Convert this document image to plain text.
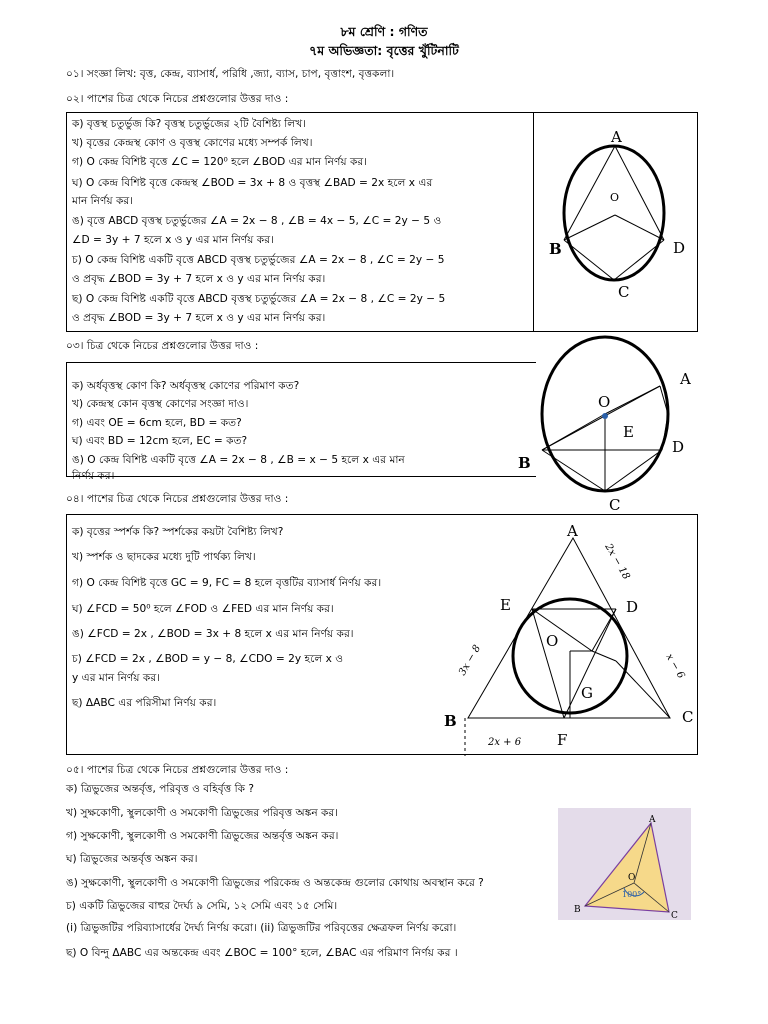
৮ম শ্রেণি : গণিত
৭ম অভিজ্ঞতা: বৃত্তের খুঁটিনাটি
০১। সংজ্ঞা লিখ: বৃত্ত, কেন্দ্র, ব্যাসার্ধ, পরিধি ,জ্যা, ব্যাস, চাপ, বৃত্তাংশ, বৃত্তকলা।
০২। পাশের চিত্র থেকে নিচের প্রশ্নগুলোর উত্তর দাও :
ক) বৃত্তস্থ চতুর্ভুজ কি? বৃত্তস্থ চতুর্ভুজের ২টি বৈশিষ্ট্য লিখ।
খ) বৃত্তের কেন্দ্রস্থ কোণ ও বৃত্তস্থ কোণের মধ্যে সম্পর্ক লিখ।
গ) O কেন্দ্র বিশিষ্ট বৃত্তে ∠C = 120⁰ হলে ∠BOD এর মান নির্ণয় কর।
ঘ) O কেন্দ্র বিশিষ্ট বৃত্তে কেন্দ্রস্থ ∠BOD = 3x + 8 ও বৃত্তস্থ ∠BAD = 2x হলে x এর
মান নির্ণয় কর।
ঙ) বৃত্তে ABCD বৃত্তস্থ চতুর্ভুজের ∠A = 2x − 8 , ∠B = 4x − 5, ∠C = 2y − 5 ও
∠D = 3y + 7 হলে x ও y এর মান নির্ণয় কর।
চ) O কেন্দ্র বিশিষ্ট একটি বৃত্তে ABCD বৃত্তস্থ চতুর্ভুজের ∠A = 2x − 8 , ∠C = 2y − 5
ও প্রবৃদ্ধ ∠BOD = 3y + 7 হলে x ও y এর মান নির্ণয় কর।
ছ) O কেন্দ্র বিশিষ্ট একটি বৃত্তে ABCD বৃত্তস্থ চতুর্ভুজের ∠A = 2x − 8 , ∠C = 2y − 5
ও প্রবৃদ্ধ ∠BOD = 3y + 7 হলে x ও y এর মান নির্ণয় কর।
A
O
B	D
C
০৩। চিত্র থেকে নিচের প্রশ্নগুলোর উত্তর দাও :
ক) অর্ধবৃত্তস্থ কোণ কি? অর্ধবৃত্তস্থ কোণের পরিমাণ কত?
খ) কেন্দ্রস্থ কোন বৃত্তস্থ কোণের সংজ্ঞা দাও।
গ) এবং OE = 6cm হলে, BD = কত?
ঘ) এবং BD = 12cm হলে, EC = কত?
ঙ) O কেন্দ্র বিশিষ্ট একটি বৃত্তে ∠A = 2x − 8 , ∠B = x − 5 হলে x এর মান
নির্ণয় কর।
A
O
E
D
B
C
০৪। পাশের চিত্র থেকে নিচের প্রশ্নগুলোর উত্তর দাও :
ক) বৃত্তের স্পর্শক কি? স্পর্শকের কয়টা বৈশিষ্ট্য লিখ?
খ) স্পর্শক ও ছাদকের মধ্যে দুটি পার্থক্য লিখ।
গ) O কেন্দ্র বিশিষ্ট বৃত্তে GC = 9, FC = 8 হলে বৃত্তটির ব্যাসার্ধ নির্ণয় কর।
ঘ) ∠FCD = 50⁰ হলে ∠FOD ও ∠FED এর মান নির্ণয় কর।
ঙ) ∠FCD = 2x , ∠BOD = 3x + 8 হলে x এর মান নির্ণয় কর।
চ) ∠FCD = 2x , ∠BOD = y − 8, ∠CDO = 2y হলে x ও
y এর মান নির্ণয় কর।
ছ) ΔABC এর পরিসীমা নির্ণয় কর।
A
E	D
O
G
B	C
F
2x + 6
3x − 8
2x − 18
x − 6
০৫। পাশের চিত্র থেকে নিচের প্রশ্নগুলোর উত্তর দাও :
ক) ত্রিভুজের অন্তর্বৃত্ত, পরিবৃত্ত ও বহির্বৃত্ত কি ?
খ) সুক্ষকোণী, স্থুলকোণী ও সমকোণী ত্রিভুজের পরিবৃত্ত অঙ্কন কর।
গ) সুক্ষকোণী, স্থুলকোণী ও সমকোণী ত্রিভুজের অন্তর্বৃত্ত অঙ্কন কর।
ঘ) ত্রিভুজের অন্তর্বৃত্ত অঙ্কন কর।
ঙ) সুক্ষকোণী, স্থুলকোণী ও সমকোণী ত্রিভুজের পরিকেন্দ্র ও অন্তকেন্দ্র গুলোর কোথায় অবস্থান করে ?
চ) একটি ত্রিভুজের বাহুর দৈর্ঘ্য ৯ সেমি, ১২ সেমি এবং ১৫ সেমি।
(i) ত্রিভুজটির পরিব্যাসার্ধের দৈর্ঘ্য নির্ণয় করো। (ii) ত্রিভুজটির পরিবৃত্তের ক্ষেত্রফল নির্ণয় করো।
ছ) O বিন্দু ΔABC এর অন্তকেন্দ্র এবং ∠BOC = 100° হলে, ∠BAC এর পরিমাণ নির্ণয় কর ।
A
O
100°
B
C
